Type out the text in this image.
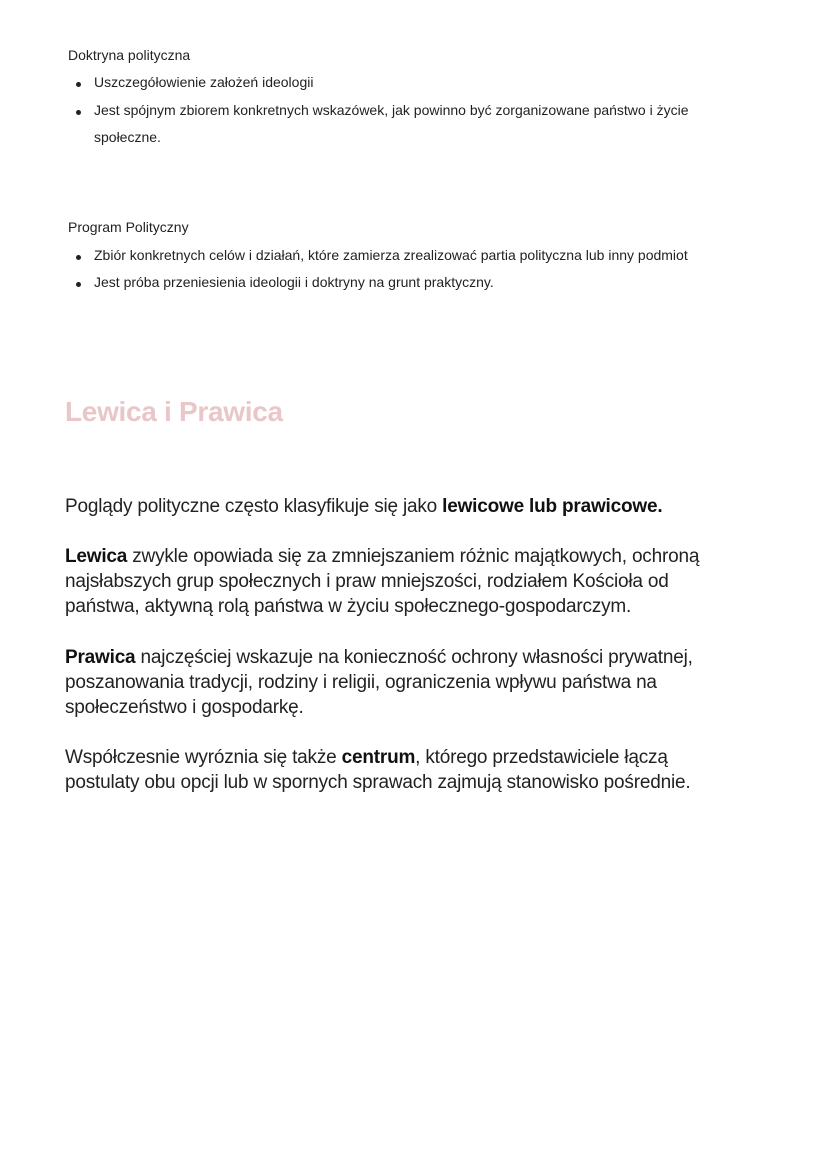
Doktryna polityczna
Uszczegółowienie założeń ideologii
Jest spójnym zbiorem konkretnych wskazówek, jak powinno być zorganizowane państwo i życie
społeczne.
Program Polityczny
Zbiór konkretnych celów i działań, które zamierza zrealizować partia polityczna lub inny podmiot
Jest próba przeniesienia ideologii i doktryny na grunt praktyczny.
Lewica i Prawica
Poglądy polityczne często klasyfikuje się jako lewicowe lub prawicowe.
Lewica zwykle opowiada się za zmniejszaniem różnic majątkowych, ochroną
najsłabszych grup społecznych i praw mniejszości, rodziałem Kościoła od
państwa, aktywną rolą państwa w życiu społecznego-gospodarczym.
Prawica najczęściej wskazuje na konieczność ochrony własności prywatnej,
poszanowania tradycji, rodziny i religii, ograniczenia wpływu państwa na
społeczeństwo i gospodarkę.
Współczesnie wyróznia się także centrum, którego przedstawiciele łączą
postulaty obu opcji lub w spornych sprawach zajmują stanowisko pośrednie.
